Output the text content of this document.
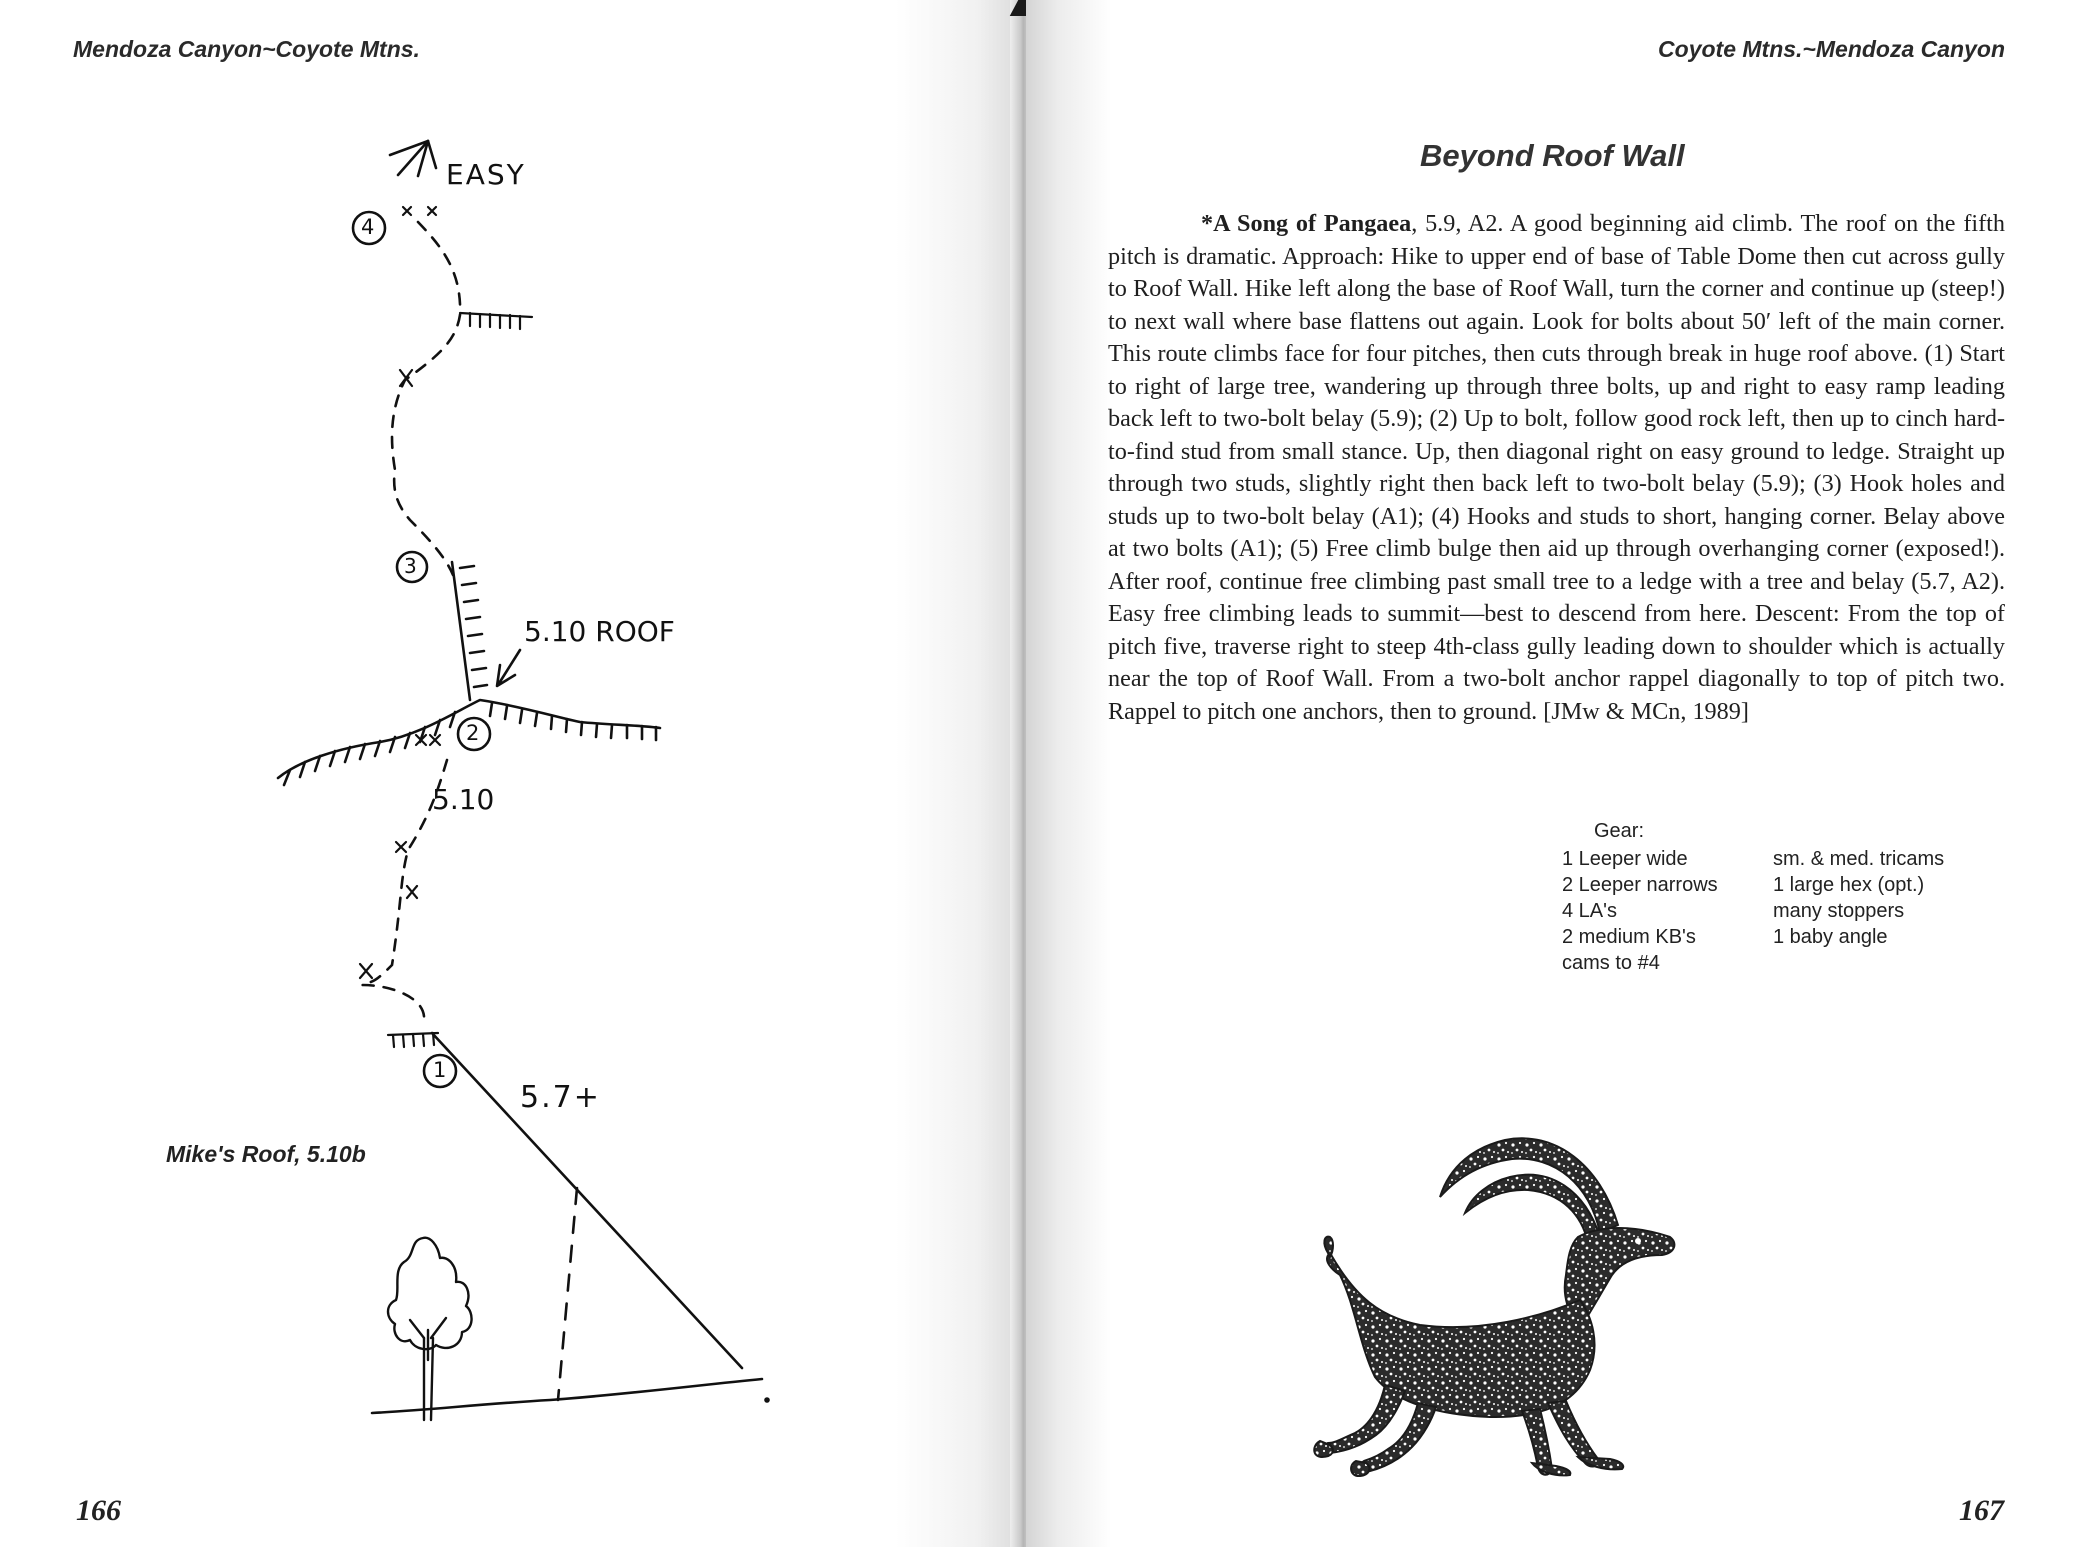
Mendoza Canyon~Coyote Mtns.

4
3
2
1
EASY
5.10 ROOF
5.10
5.7+

Mike's Roof, 5.10b

166

Coyote Mtns.~Mendoza Canyon

Beyond Roof Wall

*A Song of Pangaea, 5.9, A2. A good beginning aid climb. The roof on the fifth pitch is dramatic. Approach: Hike to upper end of base of Table Dome then cut across gully to Roof Wall. Hike left along the base of Roof Wall, turn the corner and continue up (steep!) to next wall where base flattens out again. Look for bolts about 50′ left of the main corner. This route climbs face for four pitches, then cuts through break in huge roof above. (1) Start to right of large tree, wandering up through three bolts, up and right to easy ramp leading back left to two-bolt belay (5.9); (2) Up to bolt, follow good rock left, then up to cinch hard-to-find stud from small stance. Up, then diagonal right on easy ground to ledge. Straight up through two studs, slightly right then back left to two-bolt belay (5.9); (3) Hook holes and studs up to two-bolt belay (A1); (4) Hooks and studs to short, hanging corner. Belay above at two bolts (A1); (5) Free climb bulge then aid up through overhanging corner (exposed!). After roof, continue free climbing past small tree to a ledge with a tree and belay (5.7, A2). Easy free climbing leads to summit—best to descend from here. Descent: From the top of pitch five, traverse right to steep 4th-class gully leading down to shoulder which is actually near the top of Roof Wall. From a two-bolt anchor rappel diagonally to top of pitch two. Rappel to pitch one anchors, then to ground. [JMw & MCn, 1989]

Gear:

1 Leeper wide
2 Leeper narrows
4 LA's
2 medium KB's
cams to #4
sm. & med. tricams
1 large hex (opt.)
many stoppers
1 baby angle

167
